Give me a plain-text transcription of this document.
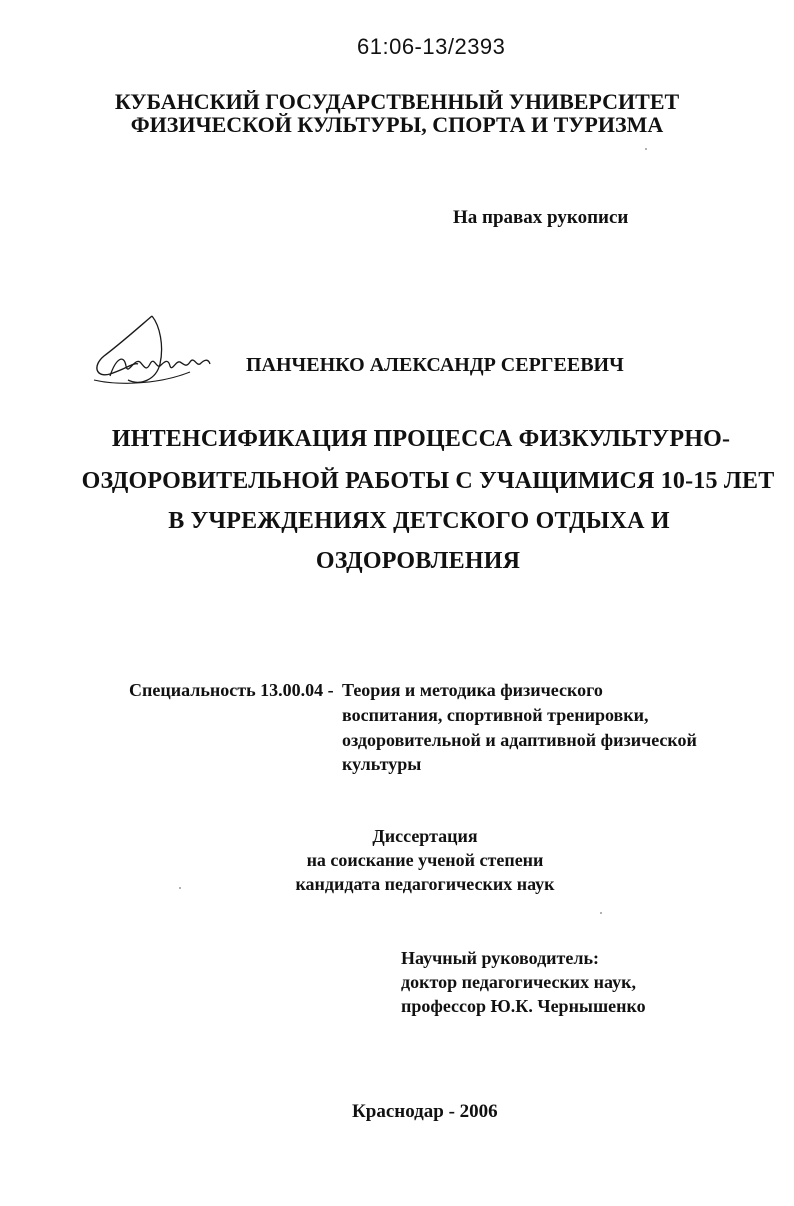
61:06-13/2393

КУБАНСКИЙ ГОСУДАРСТВЕННЫЙ УНИВЕРСИТЕТ

ФИЗИЧЕСКОЙ КУЛЬТУРЫ, СПОРТА И ТУРИЗМА

На правах рукописи

ПАНЧЕНКО АЛЕКСАНДР СЕРГЕЕВИЧ

ИНТЕНСИФИКАЦИЯ ПРОЦЕССА ФИЗКУЛЬТУРНО-

ОЗДОРОВИТЕЛЬНОЙ РАБОТЫ С УЧАЩИМИСЯ 10-15 ЛЕТ

В УЧРЕЖДЕНИЯХ ДЕТСКОГО ОТДЫХА И

ОЗДОРОВЛЕНИЯ

Специальность 13.00.04 - Теория и методика физического

воспитания, спортивной тренировки,

оздоровительной и адаптивной физической

культуры

Диссертация

на соискание ученой степени

кандидата педагогических наук

Научный руководитель:

доктор педагогических наук,

профессор Ю.К. Чернышенко

Краснодар - 2006
